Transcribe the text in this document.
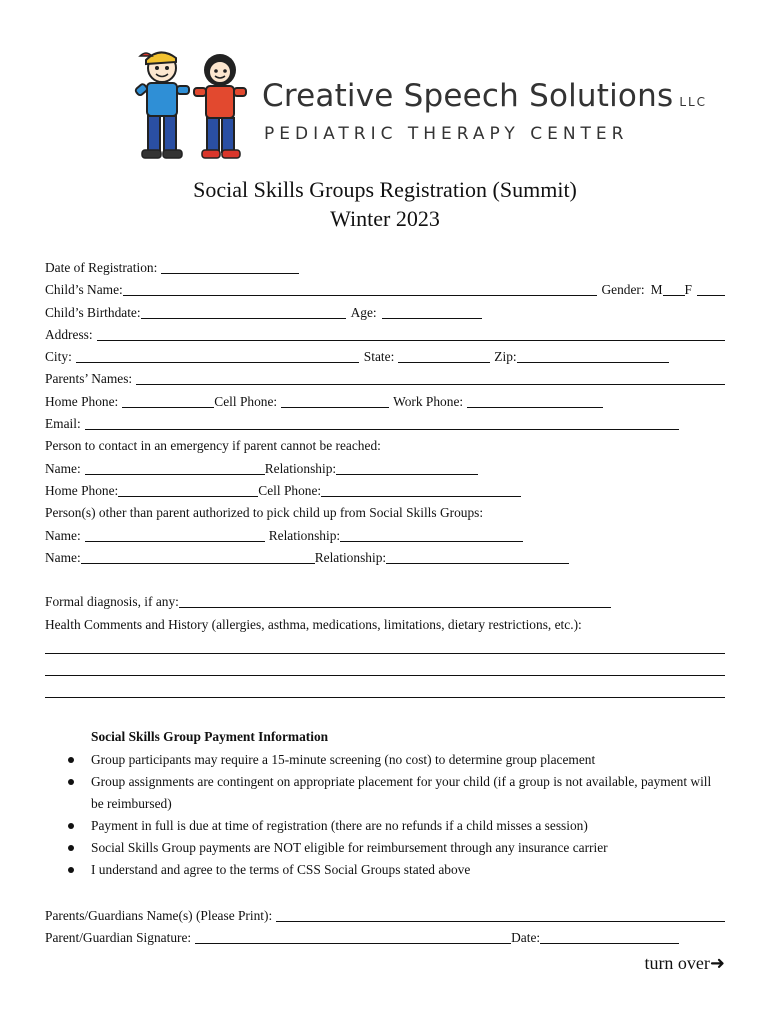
Creative Speech Solutions LLC
PEDIATRIC THERAPY CENTER
Social Skills Groups Registration (Summit)
Winter 2023
Date of Registration:
Child’s Name:	Gender: M F
Child’s Birthdate:	Age:
Address:
City:	State:	Zip:
Parents’ Names:
Home Phone:	Cell Phone:	Work Phone:
Email:
Person to contact in an emergency if parent cannot be reached:
Name:	Relationship:
Home Phone:	Cell Phone:
Person(s) other than parent authorized to pick child up from Social Skills Groups:
Name:	Relationship:
Name:	Relationship:
Formal diagnosis, if any:
Health Comments and History (allergies, asthma, medications, limitations, dietary restrictions, etc.):
Social Skills Group Payment Information
Group participants may require a 15-minute screening (no cost) to determine group placement
Group assignments are contingent on appropriate placement for your child (if a group is not available, payment will be reimbursed)
Payment in full is due at time of registration (there are no refunds if a child misses a session)
Social Skills Group payments are NOT eligible for reimbursement through any insurance carrier
I understand and agree to the terms of CSS Social Groups stated above
Parents/Guardians Name(s) (Please Print):
Parent/Guardian Signature:	Date:
turn over➜
